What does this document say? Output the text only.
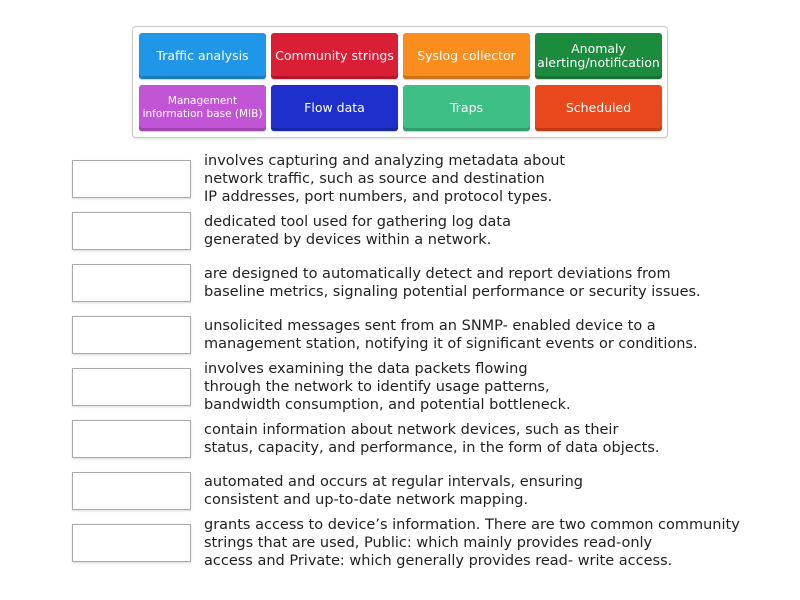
Traffic analysis Community strings Syslog collector	Anomaly
alerting/notification
Management
information base (MIB)	Flow data	Traps	Scheduled
involves capturing and analyzing metadata about
network traffic, such as source and destination
IP addresses, port numbers, and protocol types.
dedicated tool used for gathering log data
generated by devices within a network.
are designed to automatically detect and report deviations from
baseline metrics, signaling potential performance or security issues.
unsolicited messages sent from an SNMP- enabled device to a
management station, notifying it of significant events or conditions.
involves examining the data packets flowing
through the network to identify usage patterns,
bandwidth consumption, and potential bottleneck.
contain information about network devices, such as their
status, capacity, and performance, in the form of data objects.
automated and occurs at regular intervals, ensuring
consistent and up-to-date network mapping.
grants access to device’s information. There are two common community
strings that are used, Public: which mainly provides read-only
access and Private: which generally provides read- write access.
